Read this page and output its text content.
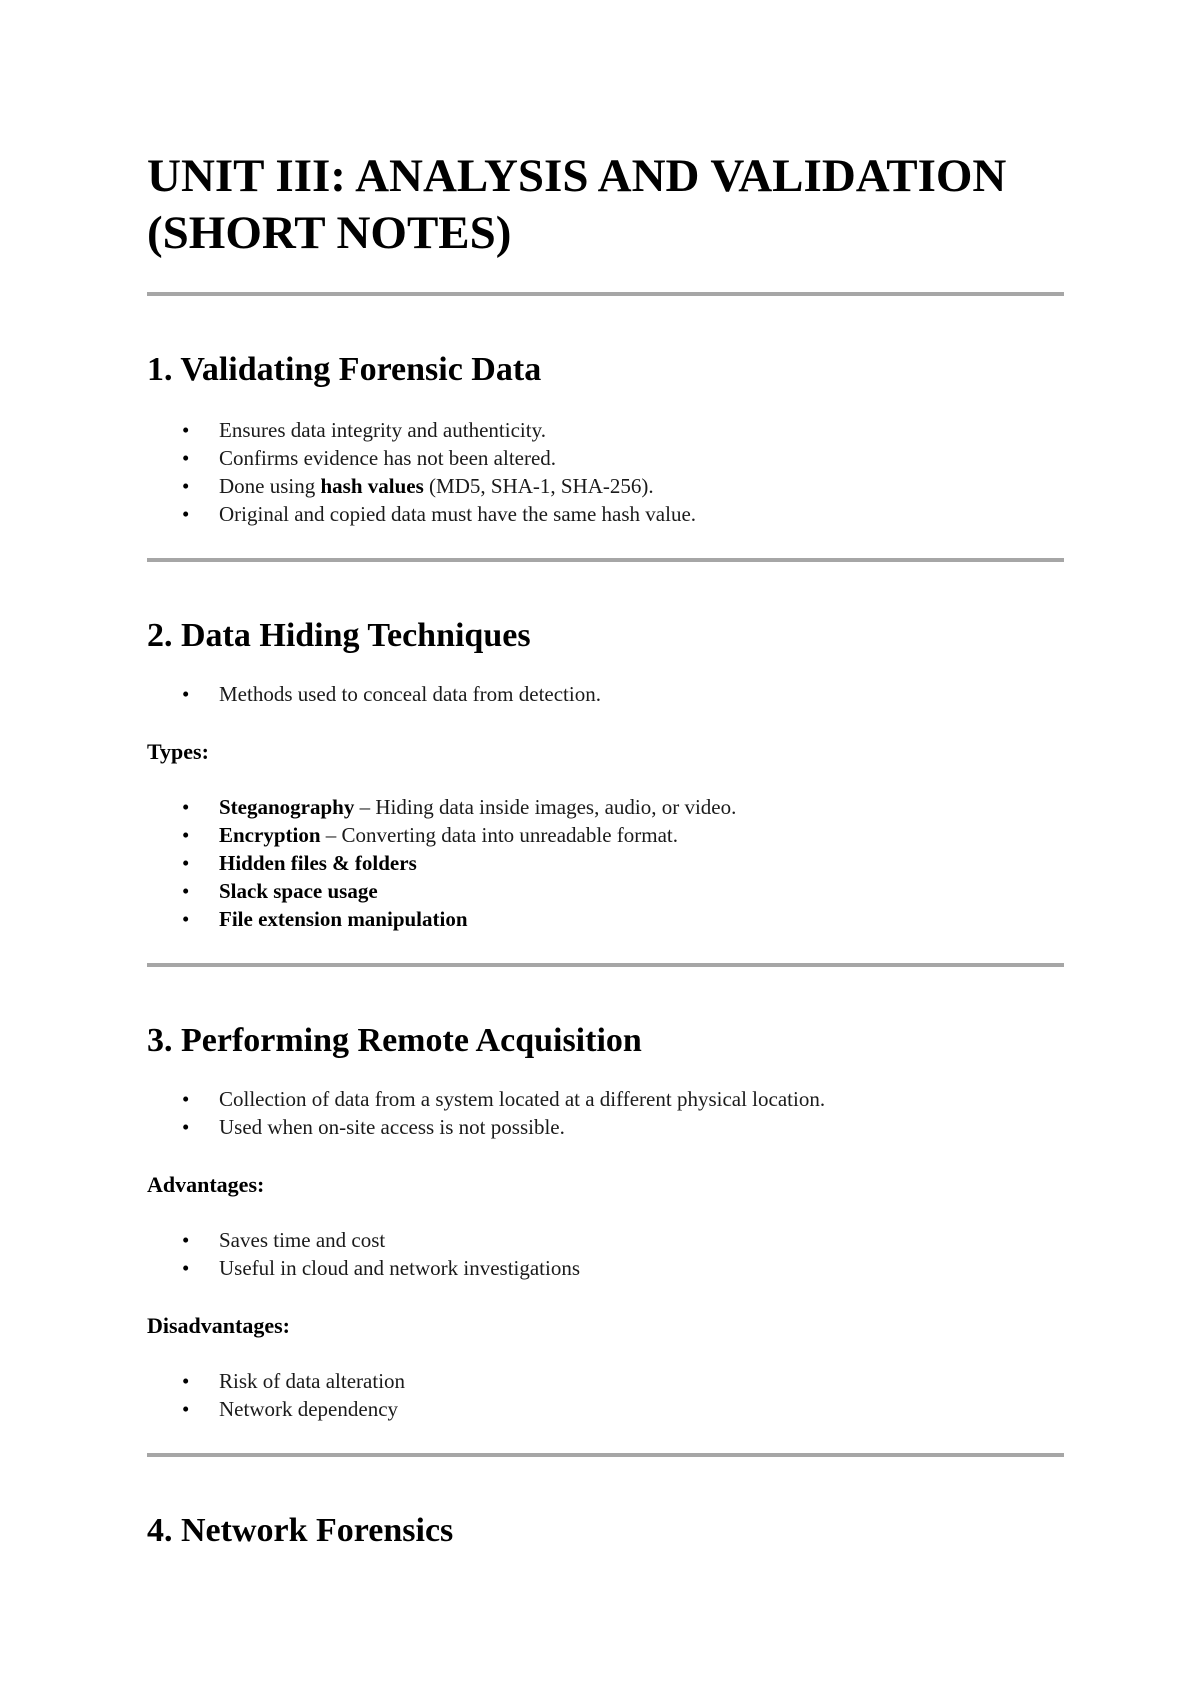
UNIT III: ANALYSIS AND VALIDATION (SHORT NOTES)
1. Validating Forensic Data
• Ensures data integrity and authenticity.
• Confirms evidence has not been altered.
• Done using hash values (MD5, SHA-1, SHA-256).
• Original and copied data must have the same hash value.
2. Data Hiding Techniques
• Methods used to conceal data from detection.

Types:

• Steganography – Hiding data inside images, audio, or video.
• Encryption – Converting data into unreadable format.
• Hidden files & folders
• Slack space usage
• File extension manipulation
3. Performing Remote Acquisition
• Collection of data from a system located at a different physical location.
• Used when on-site access is not possible.

Advantages:

• Saves time and cost
• Useful in cloud and network investigations

Disadvantages:

• Risk of data alteration
• Network dependency
4. Network Forensics
